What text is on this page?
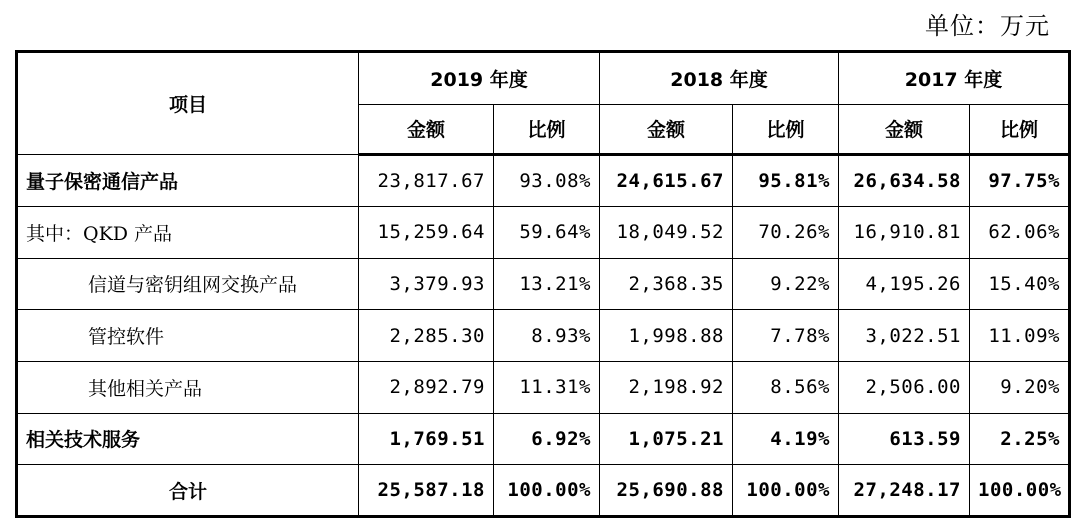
单位：万元
项目	2019 年度		2018 年度		2017 年度	
	金额	比例	金额	比例	金额	比例
量子保密通信产品	23,817.67	93.08%	24,615.67	95.81%	26,634.58	97.75%
其中：QKD 产品	15,259.64	59.64%	18,049.52	70.26%	16,910.81	62.06%
信道与密钥组网交换产品	3,379.93	13.21%	2,368.35	9.22%	4,195.26	15.40%
管控软件	2,285.30	8.93%	1,998.88	7.78%	3,022.51	11.09%
其他相关产品	2,892.79	11.31%	2,198.92	8.56%	2,506.00	9.20%
相关技术服务	1,769.51	6.92%	1,075.21	4.19%	613.59	2.25%
合计	25,587.18	100.00%	25,690.88	100.00%	27,248.17	100.00%
